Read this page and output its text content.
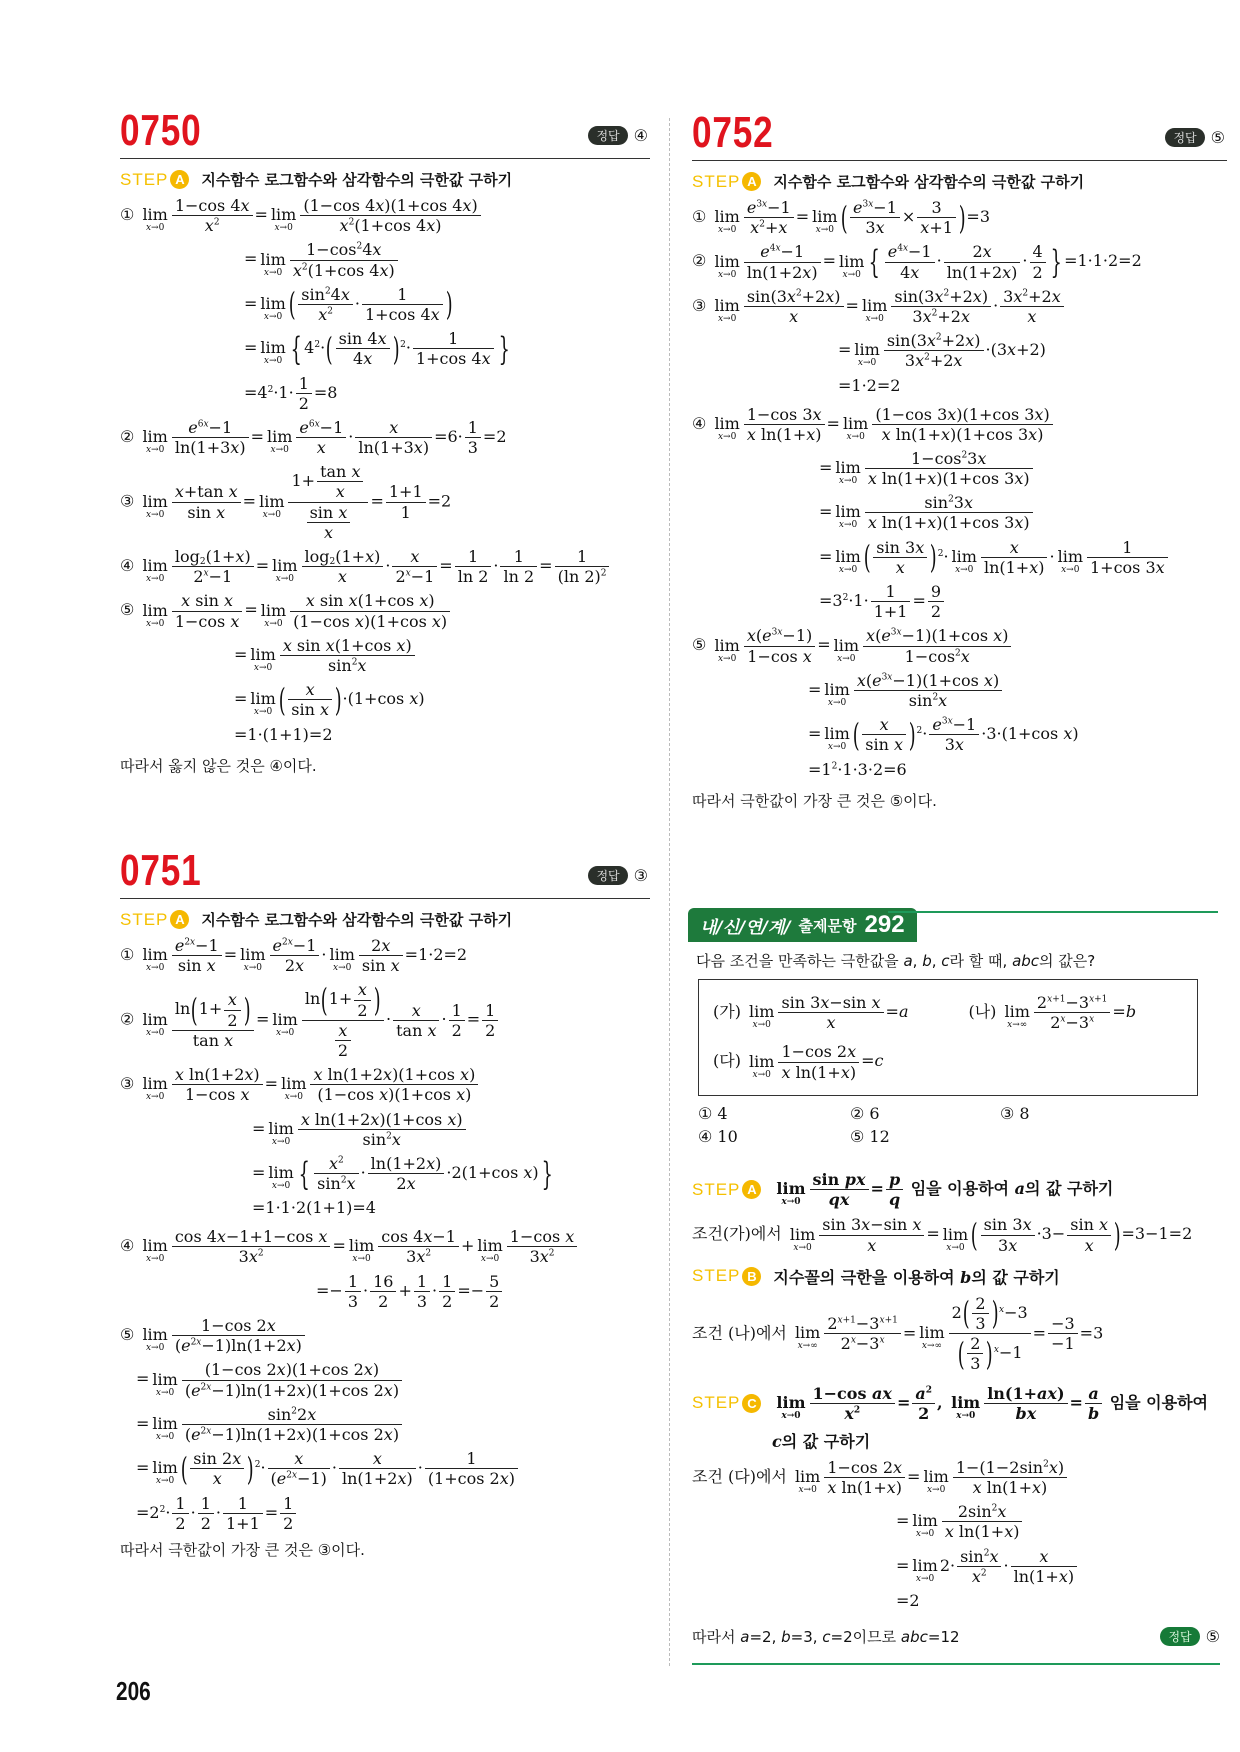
0750	정답 ④
STEP A	지수함수 로그함수와 삼각함수의 극한값 구하기
① lim
$x\to 0 \frac{1-\cos 4x}{x^2} = \lim$
$x\to 0 \frac{(1-\cos 4x)(1+\cos 4x)}{x^2(1+\cos 4x)}$
= lim
$x\to 0 \frac{1-\cos^24x}{x^2(1+\cos 4x)}$
= lim
x→0 ( $\frac{\sin^24x}{x^2} \cdot \frac{1}{1+\cos 4x}$ )
= lim
x→0 { $4^2\cdot( \frac{\sin 4x}{4x} )^2\cdot \frac{1}{1+\cos 4x}$ }
$=4^2\cdot 1\cdot \frac{1}{2} =8$
② lim
$x\to 0 \frac{e^{6x}-1}{\ln(1+3x)} = \lim$
$x\to 0 \frac{e^{6x}-1}{x} \cdot \frac{x}{\ln(1+3x)} =6\cdot \frac{1}{3} =2$
③ lim
$x\to 0 \frac{\text{x+tan x}}{\text{sin x}} = \lim$
$x\to 0 \frac{1+ \frac{\text{tan x}}{x}}{\frac{\text{sin x}}{x}} = \frac{1+1}{1} =2$
④ lim
$x\to 0 \frac{\log_2(1+x)}{2^x-1} = \lim$
$x\to 0 \frac{\log_2(1+x)}{x} \cdot \frac{x}{2^x-1} = \frac{1}{\ln 2} \cdot \frac{1}{\ln 2} = \frac{1}{(\ln 2)^2}$
⑤ lim
$x\to 0 \frac{\text{x sin x}}{\text{1−cos x}} = \lim$
$x\to 0 \frac{\text{x sin x(1+cos x)}}{\text{(1−cos x)(1+cos x)}}$
= lim
$x\to 0 \frac{\text{x sin x(1+cos x)}}{\sin^2x}$
= lim
x→0 ( $\frac{x}{\text{sin x}} )\cdot(1+\cos$ x)
=1·(1+1)=2
따라서 옳지 않은 것은 ④이다.
0751	정답 ③
STEP A	지수함수 로그함수와 삼각함수의 극한값 구하기
① lim
$x\to 0 \frac{e^{2x}-1}{\text{sin x}} = \lim$
$x\to 0 \frac{e^{2x}-1}{2x} \cdot \lim$
$x\to 0 \frac{2x}{\text{sin x}} =1\cdot 2=2$
② lim
$x\to 0 \frac{\ln(1+ \frac{x}{2} )}{\text{tan x}} = \lim$
$x\to 0 \frac{\ln(1+ \frac{x}{2} )}{\frac{x}{2}} \cdot \frac{x}{\text{tan x}} \cdot \frac{1}{2} = \frac{1}{2}$
③ lim
$x\to 0 \frac{\text{x ln(1+2x)}}{\text{1−cos x}} = \lim$
$x\to 0 \frac{\text{x ln(1+2x)(1+cos x)}}{\text{(1−cos x)(1+cos x)}}$
= lim
$x\to 0 \frac{\text{x ln(1+2x)(1+cos x)}}{\sin^2x}$
= lim
x→0 { $\frac{x^2}{\sin^2x} \cdot \frac{\ln(1+2x)}{2x} \cdot 2(1+\cos$ x)}
=1·1·2(1+1)=4
④ lim
$x\to 0 \frac{\text{cos 4x−1+1−cos x}}{3x^2} = \lim$
$x\to 0 \frac{\cos 4x-1}{3x^2} + \lim$
$x\to 0 \frac{\text{1−cos x}}{3x^2}$
=− $\frac{1}{3} \cdot \frac{16}{2} + \frac{1}{3} \cdot \frac{1}{2} =- \frac{5}{2}$
⑤ lim
$x\to 0 \frac{1-\cos 2x}{(e^{2x}-1)\ln(1+2x)}$
= lim
$x\to 0 \frac{(1-\cos 2x)(1+\cos 2x)}{(e^{2x}-1)\ln(1+2x)(1+\cos 2x)}$
= lim
$x\to 0 \frac{\sin^22x}{(e^{2x}-1)\ln(1+2x)(1+\cos 2x)}$
= lim
x→0 ( $\frac{\sin 2x}{x} )^2\cdot \frac{x}{(e^{2x}-1)} \cdot \frac{x}{\ln(1+2x)} \cdot \frac{1}{(1+\cos 2x)}$
$=2^2\cdot \frac{1}{2} \cdot \frac{1}{2} \cdot \frac{1}{1+1} = \frac{1}{2}$
따라서 극한값이 가장 큰 것은 ③이다.
0752	정답 ⑤
STEP A	지수함수 로그함수와 삼각함수의 극한값 구하기
① lim
$x\to 0 \frac{e^{3x}-1}{x^2+x} = \lim$
x→0 ( $\frac{e^{3x}-1}{3x} \times \frac{3}{x+1} )=3$
② lim
$x\to 0 \frac{e^{4x}-1}{\ln(1+2x)} = \lim$
x→0 { $\frac{e^{4x}-1}{4x} \cdot \frac{2x}{\ln(1+2x)} \cdot \frac{4}{2}$ } =1·1·2=2
③ lim
$x\to 0 \frac{\sin(3x^2+2x)}{x} = \lim$
$x\to 0 \frac{\sin(3x^2+2x)}{3x^2+2x} \cdot \frac{3x^2+2x}{x}$
= lim
$x\to 0 \frac{\sin(3x^2+2x)}{3x^2+2x} \cdot(3x+2)$
=1·2=2
④ lim
$x\to 0 \frac{1-\cos 3x}{\text{x ln(1+x)}} = \lim$
$x\to 0 \frac{(1-\cos 3x)(1+\cos 3x)}{\text{x ln(1+x)(1+cos 3x)}}$
= lim
$x\to 0 \frac{1-\cos^23x}{\text{x ln(1+x)(1+cos 3x)}}$
= lim
$x\to 0 \frac{\sin^23x}{\text{x ln(1+x)(1+cos 3x)}}$
= lim
x→0 ( $\frac{\sin 3x}{x} )^2\cdot \lim$
$x\to 0 \frac{x}{\ln(1+x)} \cdot \lim$
$x\to 0 \frac{1}{1+\cos 3x}$
$=3^2\cdot 1\cdot \frac{1}{1+1} = \frac{9}{2}$
⑤ lim
$x\to 0 \frac{x(e^{3x}-1)}{\text{1−cos x}} = \lim$
$x\to 0 \frac{x(e^{3x}-1)(1+\cos x)}{1-\cos^2x}$
= lim
$x\to 0 \frac{x(e^{3x}-1)(1+\cos x)}{\sin^2x}$
= lim
x→0 ( $\frac{x}{\text{sin x}} )^2\cdot \frac{e^{3x}-1}{3x} \cdot 3\cdot(1+\cos$ x)
$=1^2\cdot 1\cdot 3\cdot 2=6$
따라서 극한값이 가장 큰 것은 ⑤이다.
내/신/연/계/ 출제문항 292
다음 조건을 만족하는 극한값을 a, b, c라 할 때, abc의 값은?
(가) lim
$x\to 0 \frac{\text{sin 3x−sin x}}{x} =a$	(나) lim
$x\to\infty \frac{2^{x+1}-3^{x+1}}{2^x-3^x} =b$
(다) lim
$x\to 0 \frac{1-\cos 2x}{\text{x ln(1+x)}} =c$
① 4	② 6	③ 8
④ 10	⑤ 12
STEP A	lim
$x\to 0 \frac{\text{sin px}}{qx} = \frac{p}{q}$ 임을 이용하여 a의 값 구하기
조건(가)에서 lim
$x\to 0 \frac{\text{sin 3x−sin x}}{x} = \lim$
x→0 ( $\frac{\sin 3x}{3x} \cdot 3- \frac{\text{sin x}}{x} )=3-1=2$
STEP B	지수꼴의 극한을 이용하여 b의 값 구하기
조건 (나)에서 lim
$x\to\infty \frac{2^{x+1}-3^{x+1}}{2^x-3^x} = \lim$
$x\to\infty \frac{2( \frac{2}{3} )^x-3}{( \frac{2}{3} )^x-1} = \frac{-3}{-1} =3$
STEP C	lim
$x\to 0 \frac{\text{1−cos ax}}{x^2} = \frac{a^2}{2}$ , lim
$x\to 0 \frac{\ln(1+ax)}{bx} = \frac{a}{b}$ 임을 이용하여
c의 값 구하기
조건 (다)에서 lim
$x\to 0 \frac{1-\cos 2x}{\text{x ln(1+x)}} = \lim$
$x\to 0 \frac{1-(1-2\sin^2x)}{\text{x ln(1+x)}}$
= lim
$x\to 0 \frac{2\sin^2x}{\text{x ln(1+x)}}$
= lim
x→0
$2\cdot \frac{\sin^2x}{x^2} \cdot \frac{x}{\ln(1+x)}$
=2
따라서 a=2, b=3, c=2이므로 abc=12	정답 ⑤
206
